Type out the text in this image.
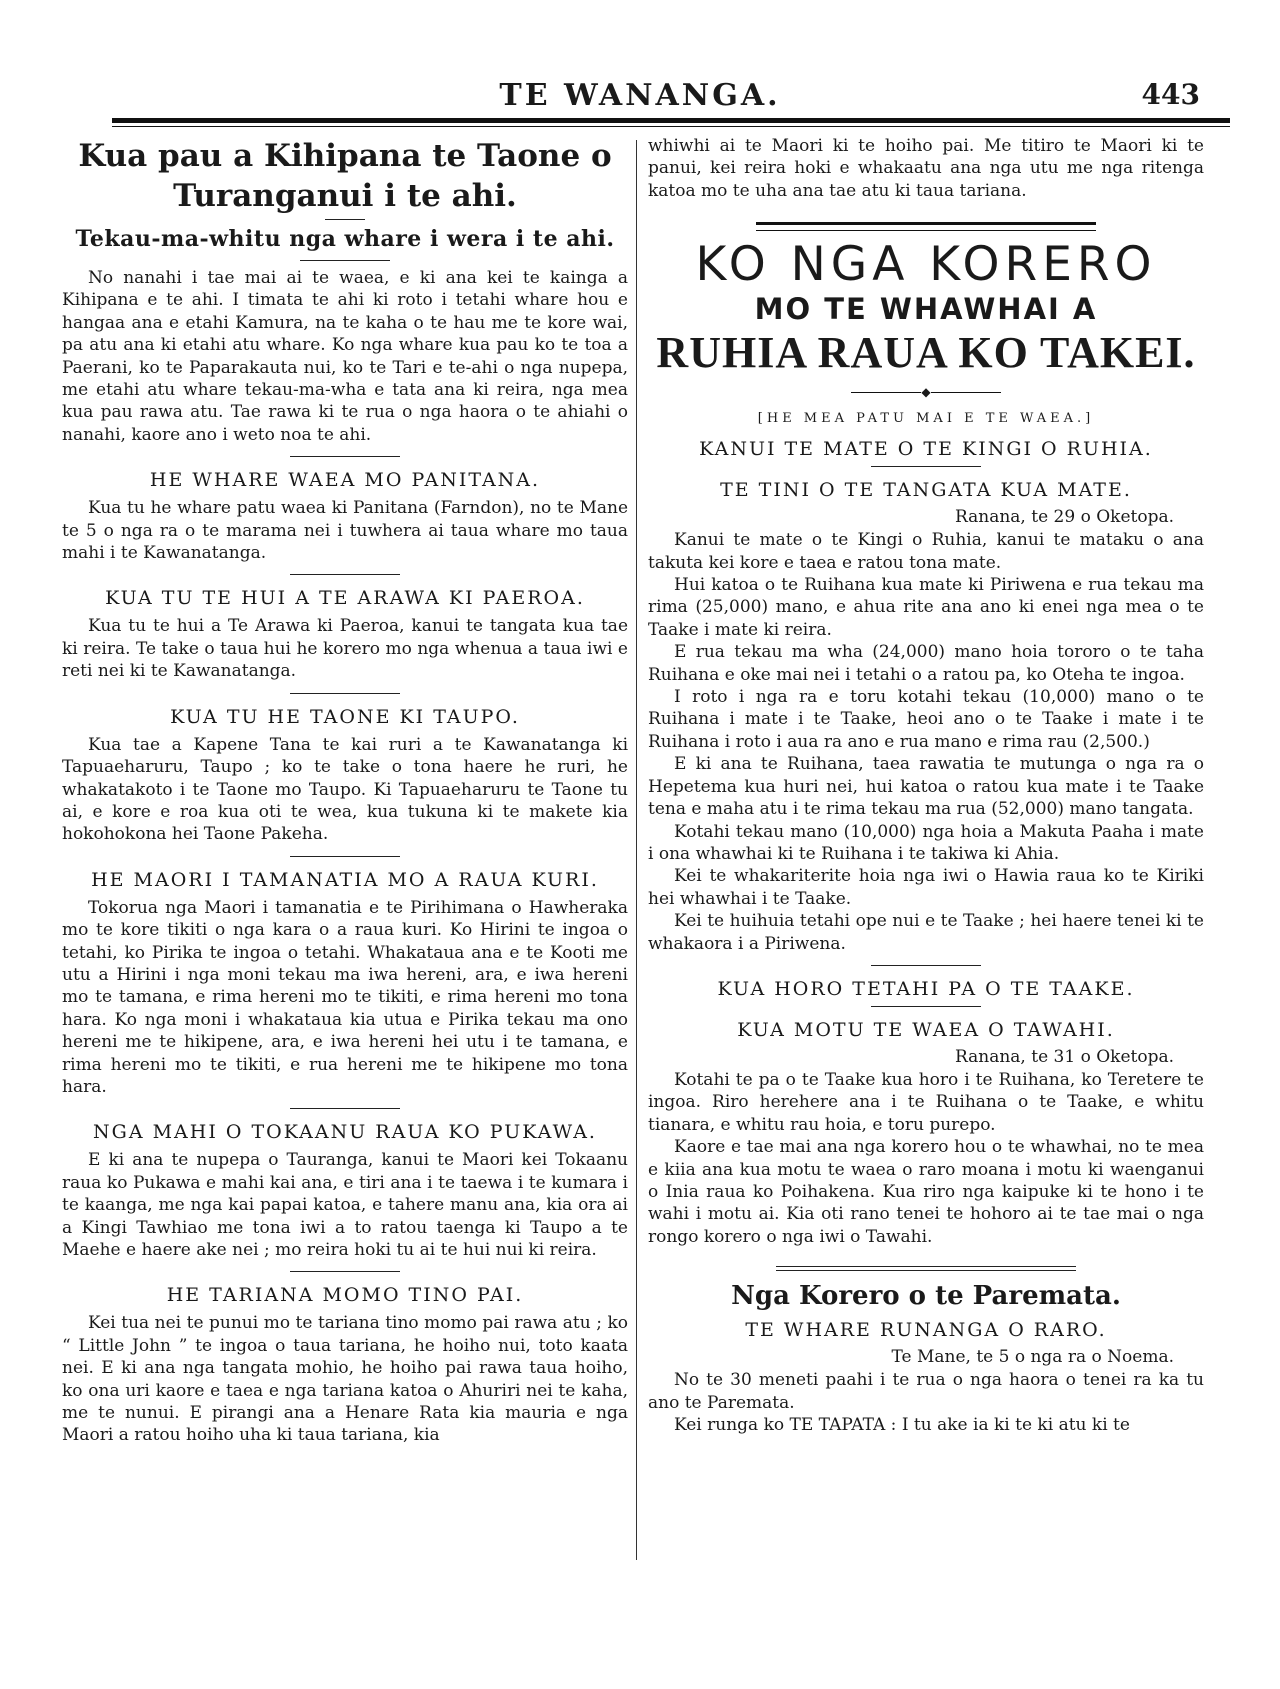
TE WANANGA.	443
Kua pau a Kihipana te Taone o
Turanganui i te ahi.
Tekau-ma-whitu nga whare i wera i te ahi.

No nanahi i tae mai ai te waea, e ki ana kei te kainga a Kihipana e te ahi. I timata te ahi ki roto i tetahi whare hou e hangaa ana e etahi Kamura, na te kaha o te hau me te kore wai, pa atu ana ki etahi atu whare. Ko nga whare kua pau ko te toa a Paerani, ko te Paparakauta nui, ko te Tari e te-ahi o nga nupepa, me etahi atu whare tekau-ma-wha e tata ana ki reira, nga mea kua pau rawa atu. Tae rawa ki te rua o nga haora o te ahiahi o nanahi, kaore ano i weto noa te ahi.

HE WHARE WAEA MO PANITANA.

Kua tu he whare patu waea ki Panitana (Farndon), no te Mane te 5 o nga ra o te marama nei i tuwhera ai taua whare mo taua mahi i te Kawanatanga.

KUA TU TE HUI A TE ARAWA KI PAEROA.

Kua tu te hui a Te Arawa ki Paeroa, kanui te tangata kua tae ki reira. Te take o taua hui he korero mo nga whenua a taua iwi e reti nei ki te Kawanatanga.

KUA TU HE TAONE KI TAUPO.

Kua tae a Kapene Tana te kai ruri a te Kawanatanga ki Tapuaeharuru, Taupo ; ko te take o tona haere he ruri, he whakatakoto i te Taone mo Taupo. Ki Tapuaeharuru te Taone tu ai, e kore e roa kua oti te wea, kua tukuna ki te makete kia hokohokona hei Taone Pakeha.

HE MAORI I TAMANATIA MO A RAUA KURI.

Tokorua nga Maori i tamanatia e te Pirihimana o Hawheraka mo te kore tikiti o nga kara o a raua kuri. Ko Hirini te ingoa o tetahi, ko Pirika te ingoa o tetahi. Whakataua ana e te Kooti me utu a Hirini i nga moni tekau ma iwa hereni, ara, e iwa hereni mo te tamana, e rima hereni mo te tikiti, e rima hereni mo tona hara. Ko nga moni i whakataua kia utua e Pirika tekau ma ono hereni me te hikipene, ara, e iwa hereni hei utu i te tamana, e rima hereni mo te tikiti, e rua hereni me te hikipene mo tona hara.

NGA MAHI O TOKAANU RAUA KO PUKAWA.

E ki ana te nupepa o Tauranga, kanui te Maori kei Tokaanu raua ko Pukawa e mahi kai ana, e tiri ana i te taewa i te kumara i te kaanga, me nga kai papai katoa, e tahere manu ana, kia ora ai a Kingi Tawhiao me tona iwi a to ratou taenga ki Taupo a te Maehe e haere ake nei ; mo reira hoki tu ai te hui nui ki reira.

HE TARIANA MOMO TINO PAI.

Kei tua nei te punui mo te tariana tino momo pai rawa atu ; ko “ Little John ” te ingoa o taua tariana, he hoiho nui, toto kaata nei. E ki ana nga tangata mohio, he hoiho pai rawa taua hoiho, ko ona uri kaore e taea e nga tariana katoa o Ahuriri nei te kaha, me te nunui. E pirangi ana a Henare Rata kia mauria e nga Maori a ratou hoiho uha ki taua tariana, kia

whiwhi ai te Maori ki te hoiho pai. Me titiro te Maori ki te panui, kei reira hoki e whakaatu ana nga utu me nga ritenga katoa mo te uha ana tae atu ki taua tariana.

KO NGA KORERO
MO TE WHAWHAI A
RUHIA RAUA KO TAKEI.
◆
[HE MEA PATU MAI E TE WAEA.]
KANUI TE MATE O TE KINGI O RUHIA.
TE TINI O TE TANGATA KUA MATE.
Ranana, te 29 o Oketopa.

Kanui te mate o te Kingi o Ruhia, kanui te mataku o ana takuta kei kore e taea e ratou tona mate.

Hui katoa o te Ruihana kua mate ki Piriwena e rua tekau ma rima (25,000) mano, e ahua rite ana ano ki enei nga mea o te Taake i mate ki reira.

E rua tekau ma wha (24,000) mano hoia tororo o te taha Ruihana e oke mai nei i tetahi o a ratou pa, ko Oteha te ingoa.

I roto i nga ra e toru kotahi tekau (10,000) mano o te Ruihana i mate i te Taake, heoi ano o te Taake i mate i te Ruihana i roto i aua ra ano e rua mano e rima rau (2,500.)

E ki ana te Ruihana, taea rawatia te mutunga o nga ra o Hepetema kua huri nei, hui katoa o ratou kua mate i te Taake tena e maha atu i te rima tekau ma rua (52,000) mano tangata.

Kotahi tekau mano (10,000) nga hoia a Makuta Paaha i mate i ona whawhai ki te Ruihana i te takiwa ki Ahia.

Kei te whakariterite hoia nga iwi o Hawia raua ko te Kiriki hei whawhai i te Taake.

Kei te huihuia tetahi ope nui e te Taake ; hei haere tenei ki te whakaora i a Piriwena.

KUA HORO TETAHI PA O TE TAAKE.
KUA MOTU TE WAEA O TAWAHI.
Ranana, te 31 o Oketopa.

Kotahi te pa o te Taake kua horo i te Ruihana, ko Teretere te ingoa. Riro herehere ana i te Ruihana o te Taake, e whitu tianara, e whitu rau hoia, e toru purepo.

Kaore e tae mai ana nga korero hou o te whawhai, no te mea e kiia ana kua motu te waea o raro moana i motu ki waenganui o Inia raua ko Poihakena. Kua riro nga kaipuke ki te hono i te wahi i motu ai. Kia oti rano tenei te hohoro ai te tae mai o nga rongo korero o nga iwi o Tawahi.

Nga Korero o te Paremata.
TE WHARE RUNANGA O RARO.
Te Mane, te 5 o nga ra o Noema.

No te 30 meneti paahi i te rua o nga haora o tenei ra ka tu ano te Paremata.

Kei runga ko TE TAPATA : I tu ake ia ki te ki atu ki te
